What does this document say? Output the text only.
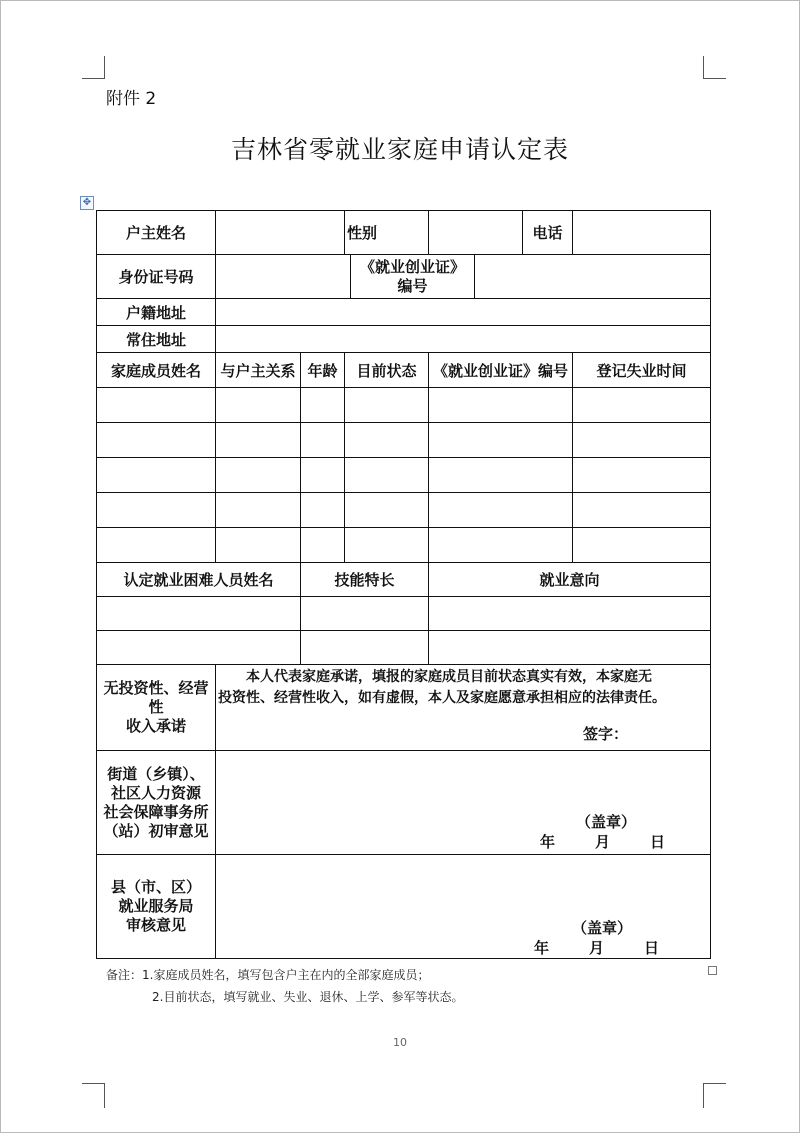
附件 2
吉林省零就业家庭申请认定表
✥
户主姓名			性别				电话	
身份证号码				《就业创业证》
编号				
户籍地址								
常住地址								
家庭成员姓名	与户主关系	年龄	目前状态		《就业创业证》编号			登记失业时间

认定就业困难人员姓名		技能特长			就业意向			

无投资性、经营性
收入承诺	本人代表家庭承诺，填报的家庭成员目前状态真实有效，本家庭无
投资性、经营性收入，如有虚假，本人及家庭愿意承担相应的法律责任。
签字：							

街道（乡镇）、
社区人力资源
社会保障事务所
（站）初审意见	（盖章）
年 月 日							

县（市、区）
就业服务局
审核意见	（盖章）
年 月 日							
备注：1.家庭成员姓名，填写包含户主在内的全部家庭成员；
2.目前状态，填写就业、失业、退休、上学、参军等状态。
10
